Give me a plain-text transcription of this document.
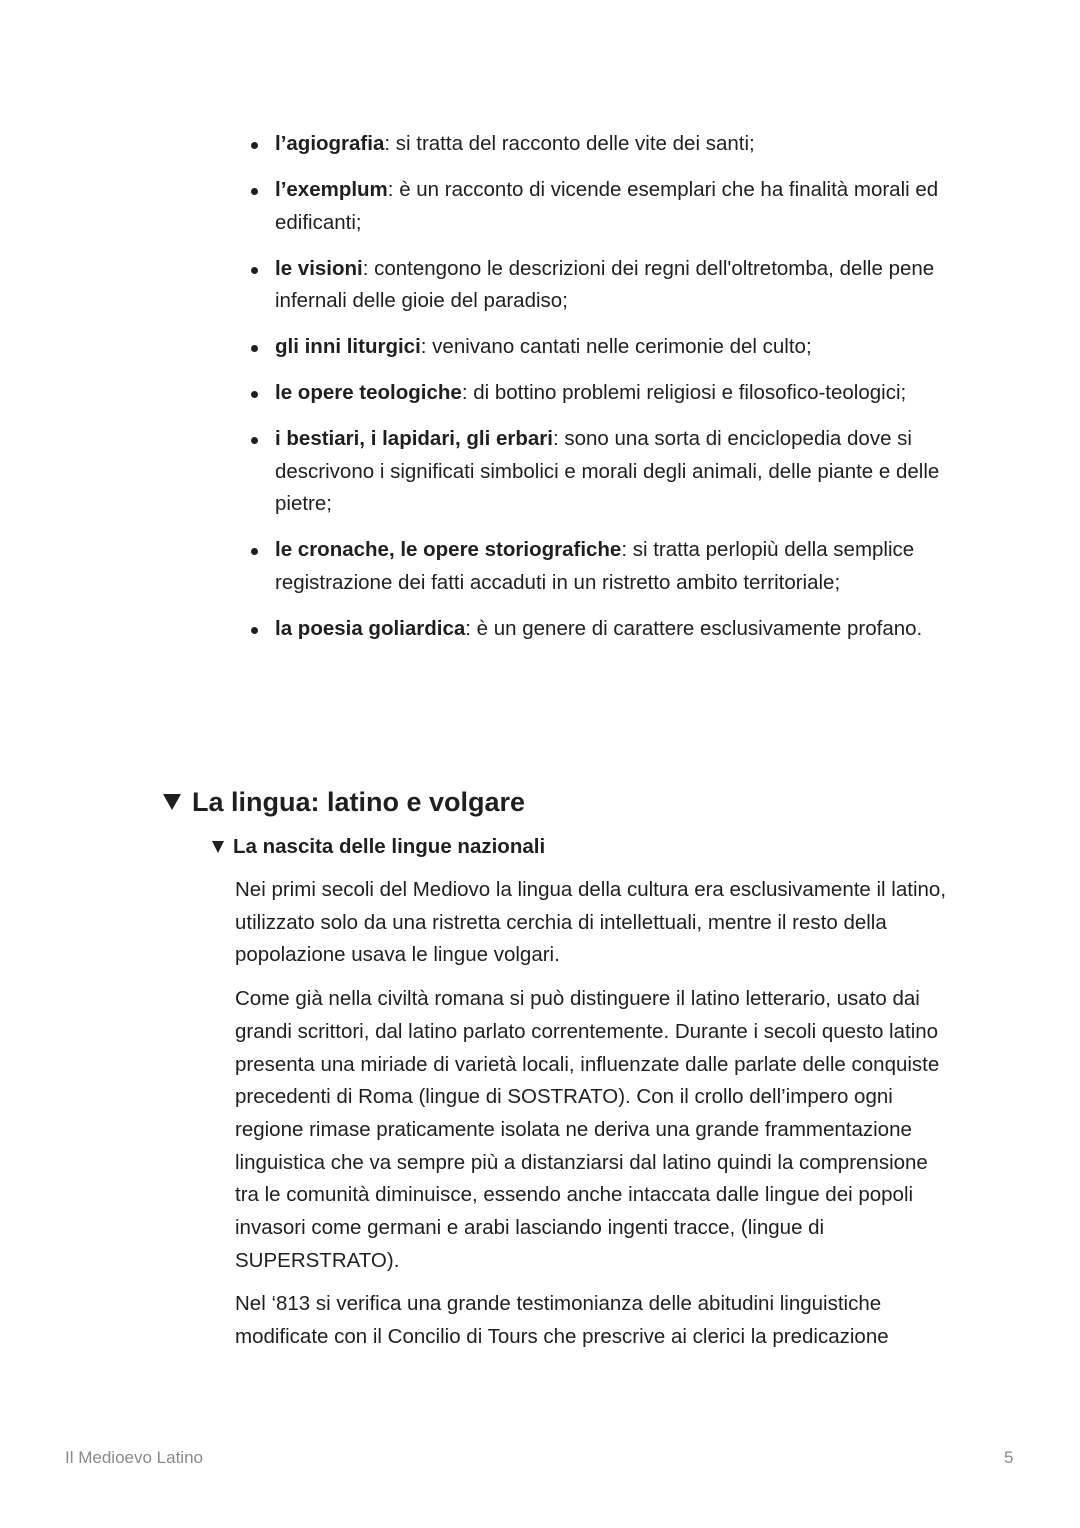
l’agiografia: si tratta del racconto delle vite dei santi;
l’exemplum: è un racconto di vicende esemplari che ha finalità morali ed edificanti;
le visioni: contengono le descrizioni dei regni dell'oltretomba, delle pene infernali delle gioie del paradiso;
gli inni liturgici: venivano cantati nelle cerimonie del culto;
le opere teologiche: di bottino problemi religiosi e filosofico-teologici;
i bestiari, i lapidari, gli erbari: sono una sorta di enciclopedia dove si descrivono i significati simbolici e morali degli animali, delle piante e delle pietre;
le cronache, le opere storiografiche: si tratta perlopiù della semplice registrazione dei fatti accaduti in un ristretto ambito territoriale;
la poesia goliardica: è un genere di carattere esclusivamente profano.
La lingua: latino e volgare
La nascita delle lingue nazionali

Nei primi secoli del Mediovo la lingua della cultura era esclusivamente il latino, utilizzato solo da una ristretta cerchia di intellettuali, mentre il resto della popolazione usava le lingue volgari.

Come già nella civiltà romana si può distinguere il latino letterario, usato dai grandi scrittori, dal latino parlato correntemente. Durante i secoli questo latino presenta una miriade di varietà locali, influenzate dalle parlate delle conquiste precedenti di Roma (lingue di SOSTRATO). Con il crollo dell’impero ogni regione rimase praticamente isolata ne deriva una grande frammentazione linguistica che va sempre più a distanziarsi dal latino quindi la comprensione tra le comunità diminuisce, essendo anche intaccata dalle lingue dei popoli invasori come germani e arabi lasciando ingenti tracce, (lingue di SUPERSTRATO).

Nel ‘813 si verifica una grande testimonianza delle abitudini linguistiche modificate con il Concilio di Tours che prescrive ai clerici la predicazione

Il Medioevo Latino	5
